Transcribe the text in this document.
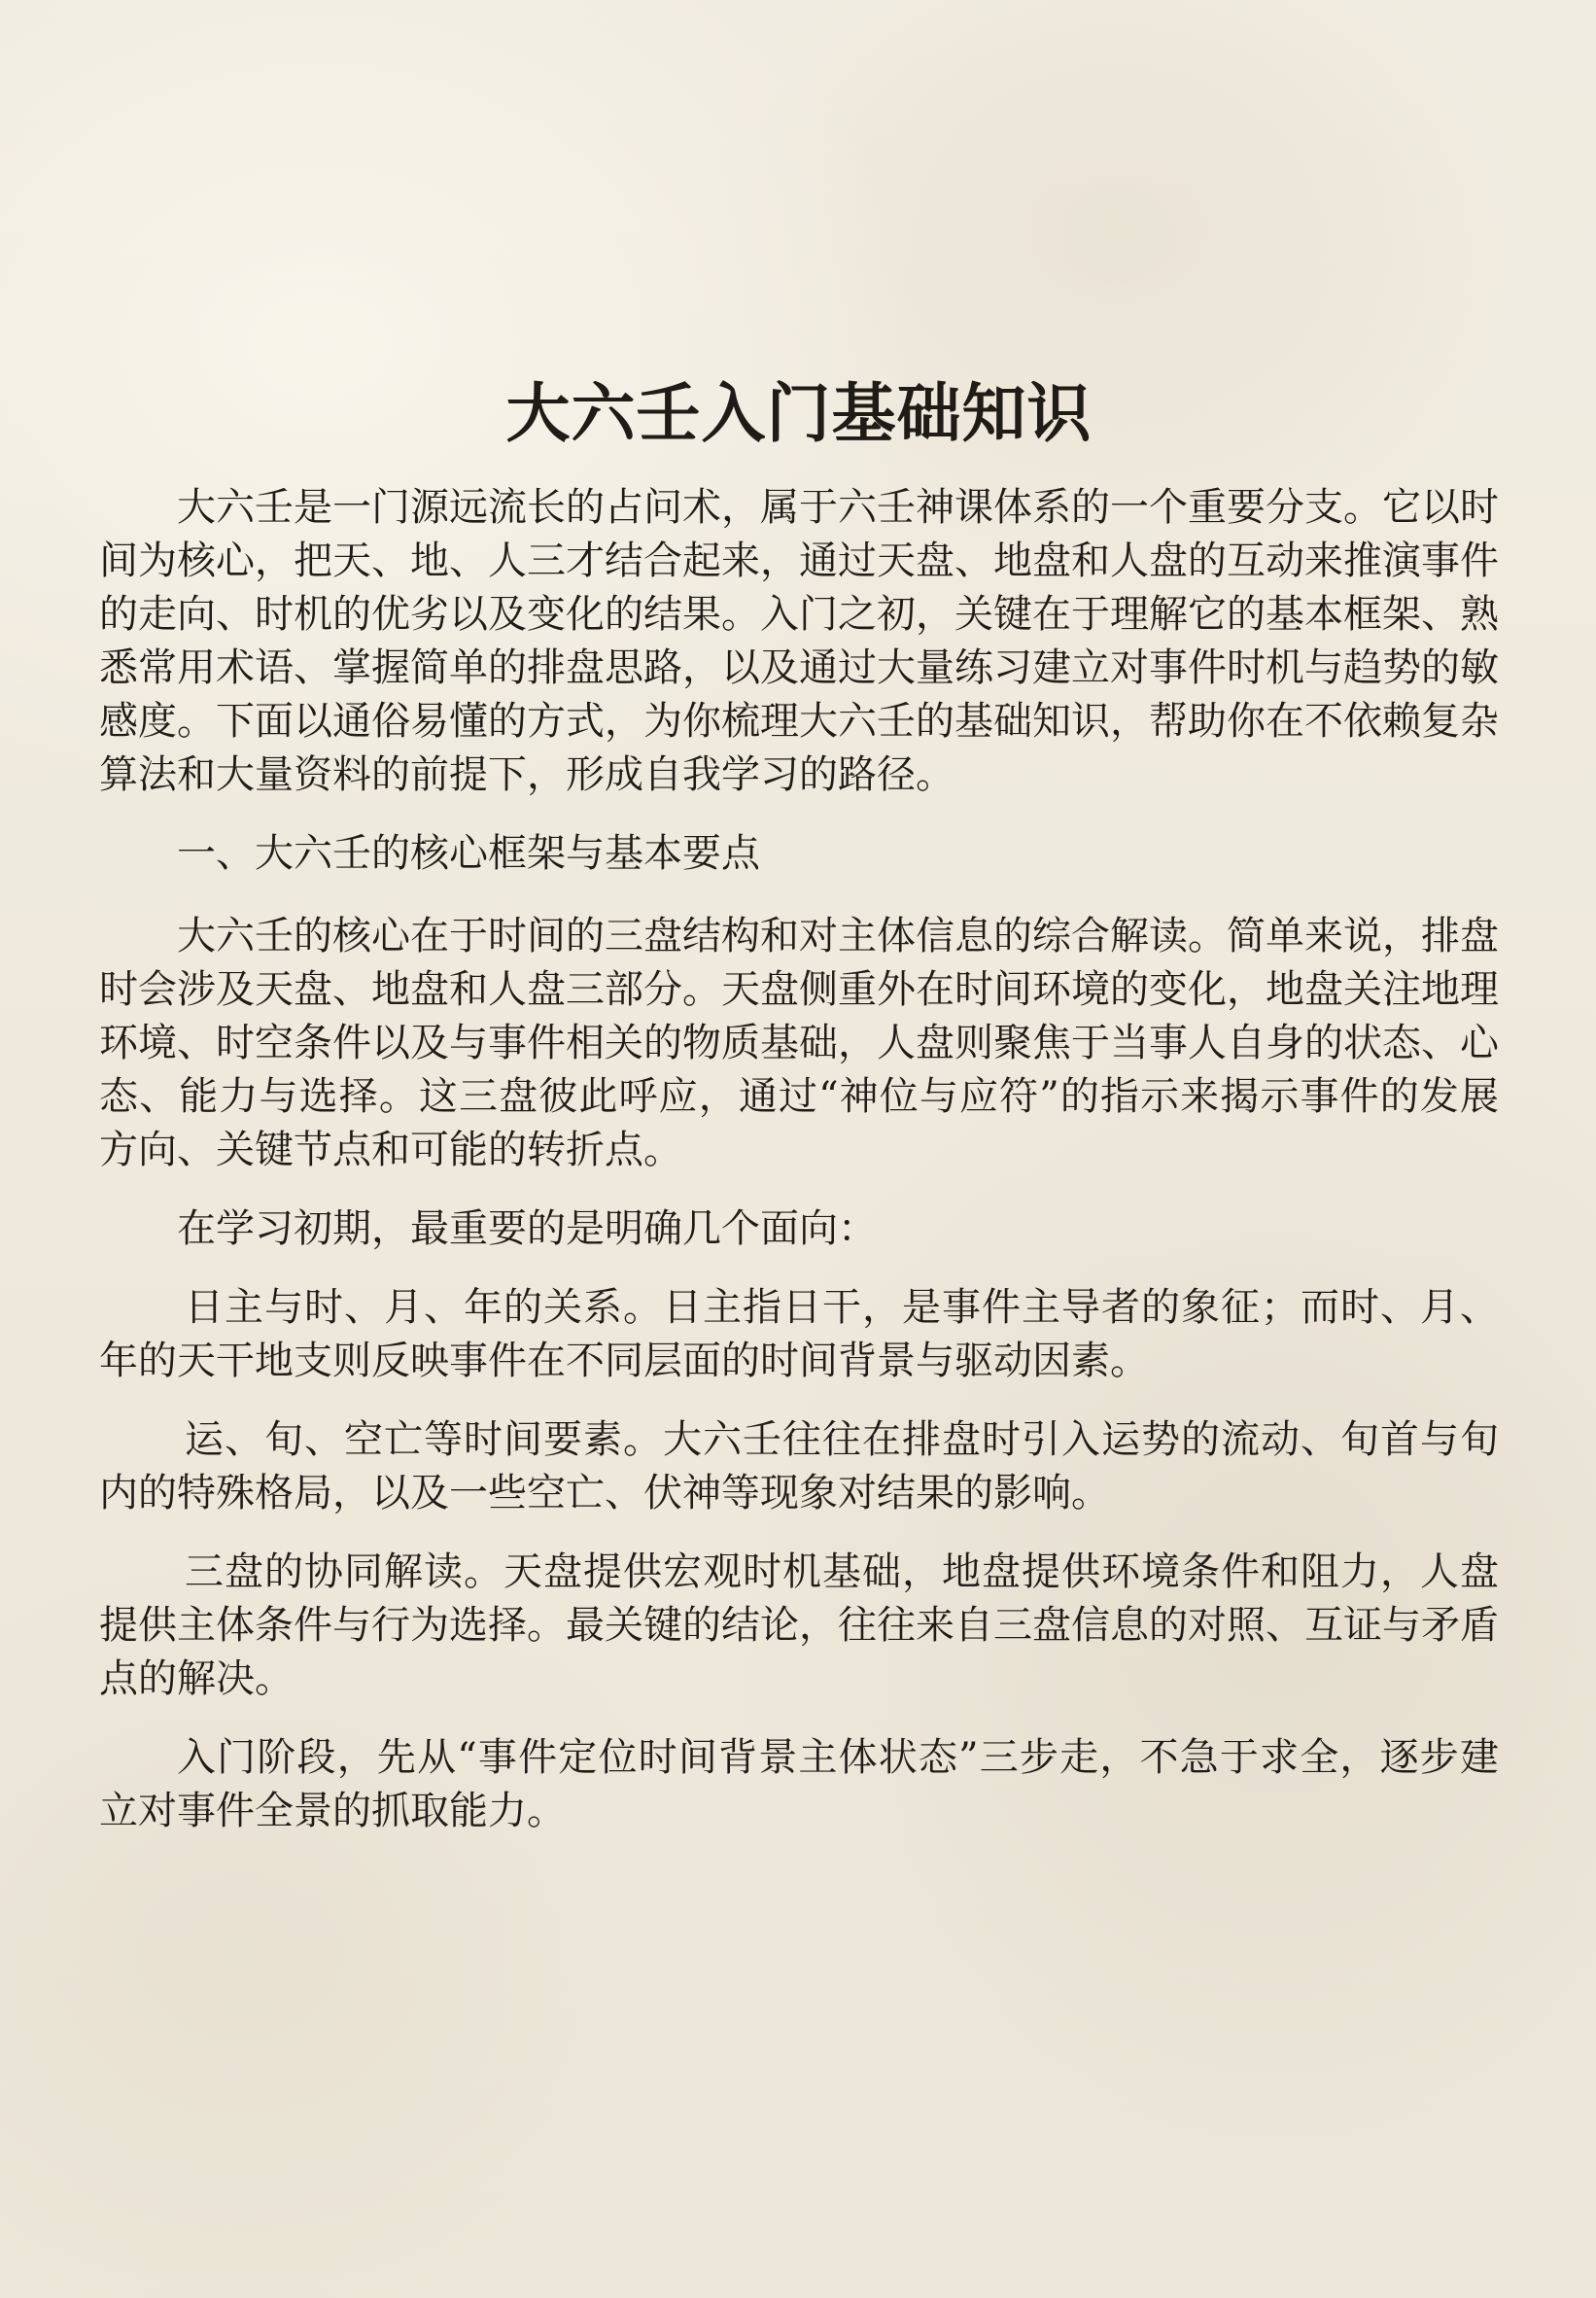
大六壬入门基础知识

大六壬是一门源远流长的占问术，属于六壬神课体系的一个重要分支。它以时间为核心，把天、地、人三才结合起来，通过天盘、地盘和人盘的互动来推演事件的走向、时机的优劣以及变化的结果。入门之初，关键在于理解它的基本框架、熟悉常用术语、掌握简单的排盘思路，以及通过大量练习建立对事件时机与趋势的敏感度。下面以通俗易懂的方式，为你梳理大六壬的基础知识，帮助你在不依赖复杂算法和大量资料的前提下，形成自我学习的路径。

一、大六壬的核心框架与基本要点

大六壬的核心在于时间的三盘结构和对主体信息的综合解读。简单来说，排盘时会涉及天盘、地盘和人盘三部分。天盘侧重外在时间环境的变化，地盘关注地理环境、时空条件以及与事件相关的物质基础，人盘则聚焦于当事人自身的状态、心态、能力与选择。这三盘彼此呼应，通过“神位与应符”的指示来揭示事件的发展方向、关键节点和可能的转折点。

在学习初期，最重要的是明确几个面向：

日主与时、月、年的关系。日主指日干，是事件主导者的象征；而时、月、年的天干地支则反映事件在不同层面的时间背景与驱动因素。

运、旬、空亡等时间要素。大六壬往往在排盘时引入运势的流动、旬首与旬内的特殊格局，以及一些空亡、伏神等现象对结果的影响。

三盘的协同解读。天盘提供宏观时机基础，地盘提供环境条件和阻力，人盘提供主体条件与行为选择。最关键的结论，往往来自三盘信息的对照、互证与矛盾点的解决。

入门阶段，先从“事件定位时间背景主体状态”三步走，不急于求全，逐步建立对事件全景的抓取能力。
